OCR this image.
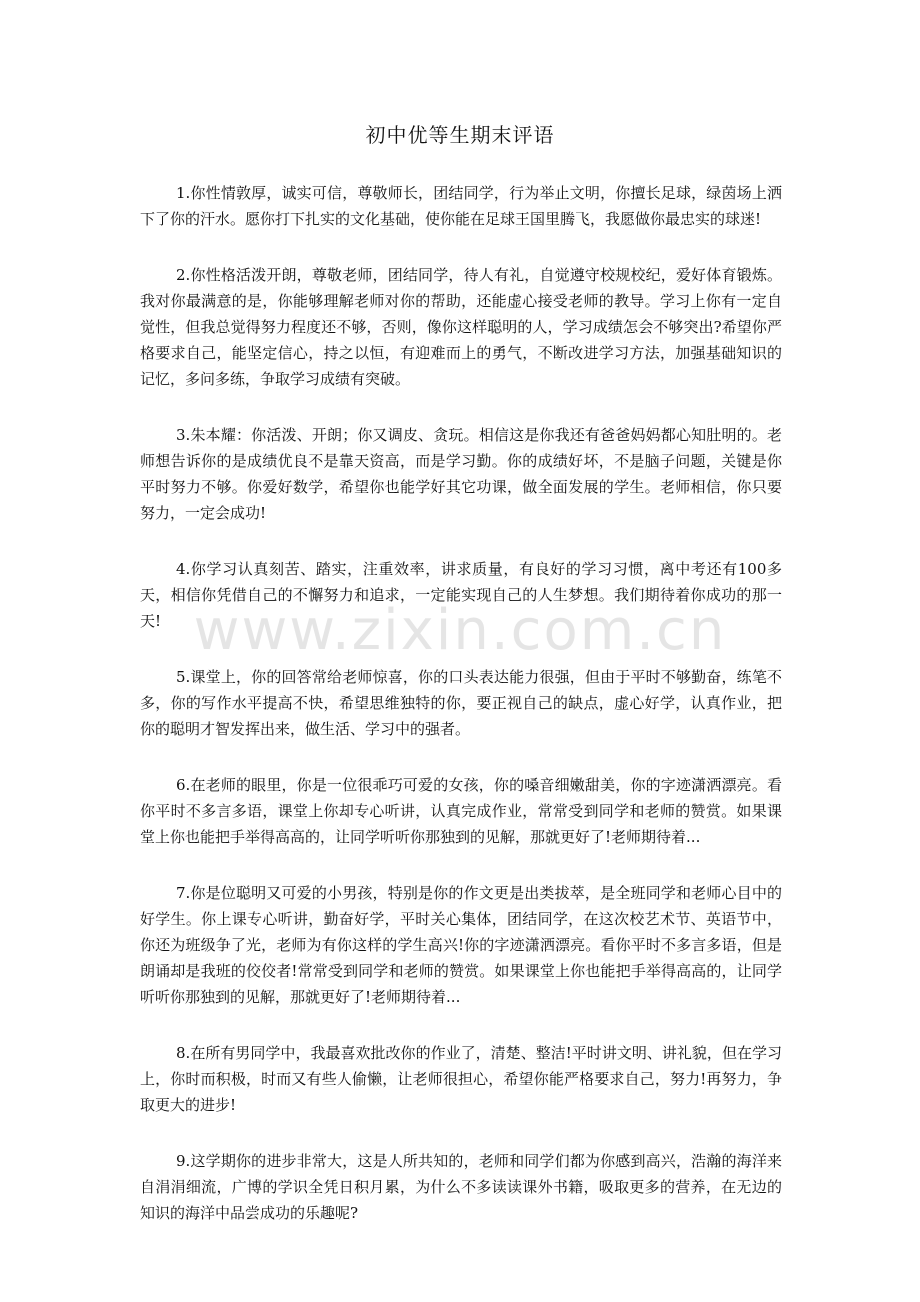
初中优等生期末评语

1.你性情敦厚，诚实可信，尊敬师长，团结同学，行为举止文明，你擅长足球，绿茵场上洒下了你的汗水。愿你打下扎实的文化基础，使你能在足球王国里腾飞，我愿做你最忠实的球迷!

2.你性格活泼开朗，尊敬老师，团结同学，待人有礼，自觉遵守校规校纪，爱好体育锻炼。我对你最满意的是，你能够理解老师对你的帮助，还能虚心接受老师的教导。学习上你有一定自觉性，但我总觉得努力程度还不够，否则，像你这样聪明的人，学习成绩怎会不够突出?希望你严格要求自己，能坚定信心，持之以恒，有迎难而上的勇气，不断改进学习方法，加强基础知识的记忆，多问多练，争取学习成绩有突破。

3.朱本耀：你活泼、开朗；你又调皮、贪玩。相信这是你我还有爸爸妈妈都心知肚明的。老师想告诉你的是成绩优良不是靠天资高，而是学习勤。你的成绩好坏，不是脑子问题，关键是你平时努力不够。你爱好数学，希望你也能学好其它功课，做全面发展的学生。老师相信，你只要努力，一定会成功!

4.你学习认真刻苦、踏实，注重效率，讲求质量，有良好的学习习惯，离中考还有100多天，相信你凭借自己的不懈努力和追求，一定能实现自己的人生梦想。我们期待着你成功的那一天!

5.课堂上，你的回答常给老师惊喜，你的口头表达能力很强，但由于平时不够勤奋，练笔不多，你的写作水平提高不快，希望思维独特的你，要正视自己的缺点，虚心好学，认真作业，把你的聪明才智发挥出来，做生活、学习中的强者。

6.在老师的眼里，你是一位很乖巧可爱的女孩，你的嗓音细嫩甜美，你的字迹潇洒漂亮。看你平时不多言多语，课堂上你却专心听讲，认真完成作业，常常受到同学和老师的赞赏。如果课堂上你也能把手举得高高的，让同学听听你那独到的见解，那就更好了!老师期待着...

7.你是位聪明又可爱的小男孩，特别是你的作文更是出类拔萃，是全班同学和老师心目中的好学生。你上课专心听讲，勤奋好学，平时关心集体，团结同学，在这次校艺术节、英语节中，你还为班级争了光，老师为有你这样的学生高兴!你的字迹潇洒漂亮。看你平时不多言多语，但是朗诵却是我班的佼佼者!常常受到同学和老师的赞赏。如果课堂上你也能把手举得高高的，让同学听听你那独到的见解，那就更好了!老师期待着...

8.在所有男同学中，我最喜欢批改你的作业了，清楚、整洁!平时讲文明、讲礼貌，但在学习上，你时而积极，时而又有些人偷懒，让老师很担心，希望你能严格要求自己，努力!再努力，争取更大的进步!

9.这学期你的进步非常大，这是人所共知的，老师和同学们都为你感到高兴，浩瀚的海洋来自涓涓细流，广博的学识全凭日积月累，为什么不多读读课外书籍，吸取更多的营养，在无边的知识的海洋中品尝成功的乐趣呢?

www.zixin.com.cn
